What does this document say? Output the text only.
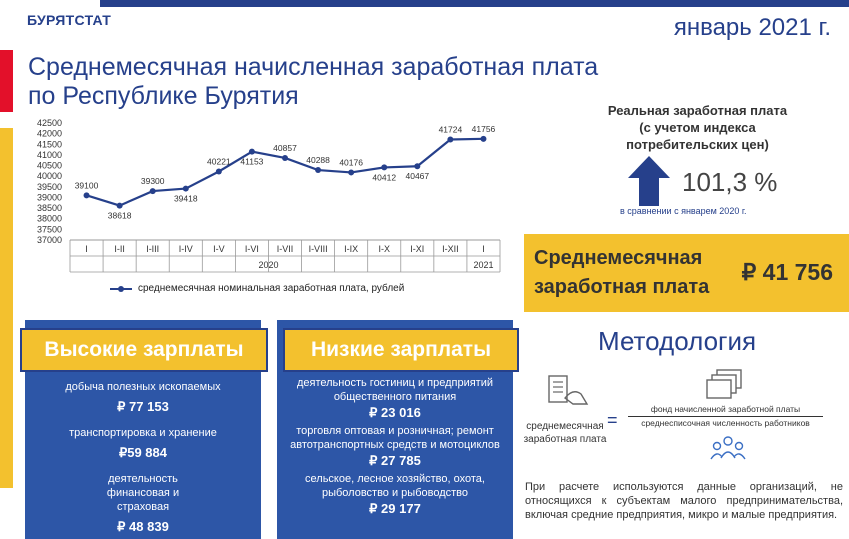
БУРЯТСТАТ	январь 2021 г.
Среднемесячная начисленная заработная плата
по Республике Бурятия
37000
37500
38000
38500
39000
39500
40000
40500
41000
41500
42000
42500
I	I-II I-III I-IV I-V I-VI I-VII I-VIII I-IX I-X I-XI I-XII	I
2020	2021
39100
38618
39300
39418
40221 41153
40857
40288 40176
40412 40467
41724 41756
среднемесячная номинальная заработная плата, рублей
Реальная заработная плата
(с учетом индекса
потребительских цен)
101,3 %
в сравнении с январем 2020 г.
Среднемесячная
заработная плата
₽ 41 756
добыча полезных ископаемых
₽ 77 153
транспортировка и хранение
₽59 884
деятельность финансовая и страховая
₽ 48 839
Высокие зарплаты
деятельность гостиниц и предприятий общественного питания
₽ 23 016
торговля оптовая и розничная; ремонт автотранспортных средств и мотоциклов
₽ 27 785
сельское, лесное хозяйство, охота, рыболовство и рыбоводство
₽ 29 177
Низкие зарплаты	Методология
среднемесячная заработная плата
=
фонд начисленной заработной платы
среднесписочная численность работников
При расчете используются данные организаций, не относящихся к субъектам малого предпринимательства, включая средние предприятия, микро и малые предприятия.
